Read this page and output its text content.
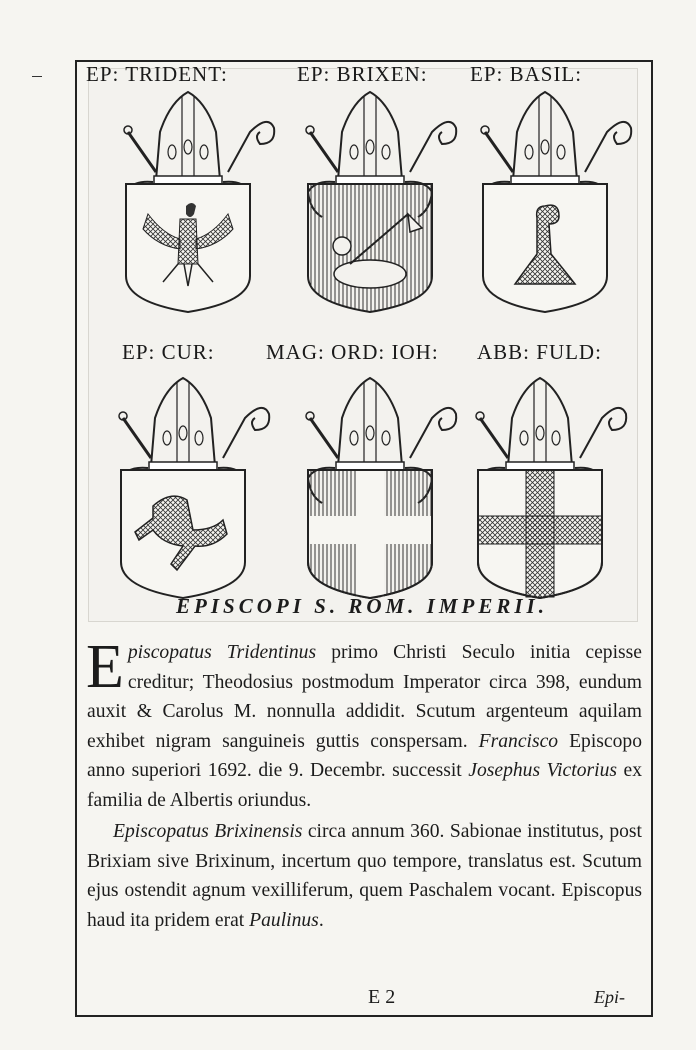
EP: TRIDENT:	EP: BRIXEN: EP: BASIL:
EP: CUR: MAG: ORD: IOH: ABB: FULD:
EPISCOPI S. ROM. IMPERII.

Episcopatus Tridentinus primo Christi Seculo initia cepisse creditur; Theodosius postmodum Imperator circa 398, eundum auxit & Carolus M. nonnulla addidit. Scutum argenteum aquilam exhibet nigram sanguineis guttis conspersam. Francisco Episcopo anno superiori 1692. die 9. Decembr. successit Josephus Victorius ex familia de Albertis oriundus.

Episcopatus Brixinensis circa annum 360. Sabionae institutus, post Brixiam sive Brixinum, incertum quo tempore, translatus est. Scutum ejus ostendit agnum vexilliferum, quem Paschalem vocant. Episcopus haud ita pridem erat Paulinus.

E 2	Epi-
